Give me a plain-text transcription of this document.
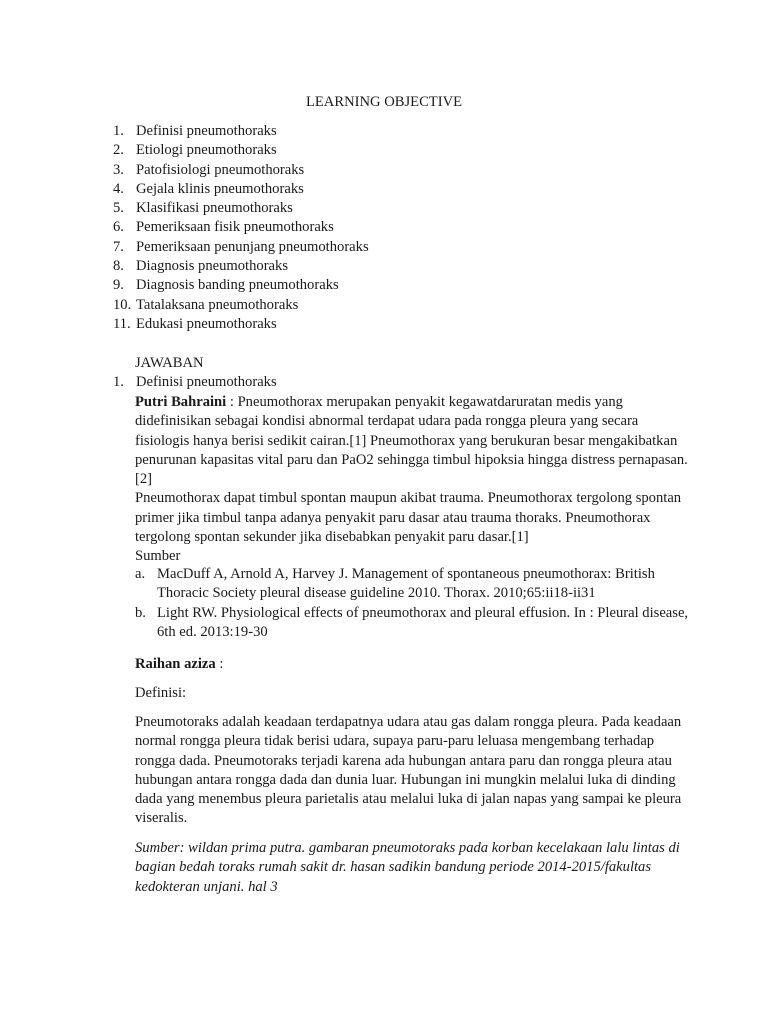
LEARNING OBJECTIVE
1. Definisi pneumothoraks
2. Etiologi pneumothoraks
3. Patofisiologi pneumothoraks
4. Gejala klinis pneumothoraks
5. Klasifikasi pneumothoraks
6. Pemeriksaan fisik pneumothoraks
7. Pemeriksaan penunjang pneumothoraks
8. Diagnosis pneumothoraks
9. Diagnosis banding pneumothoraks
10. Tatalaksana pneumothoraks
11. Edukasi pneumothoraks
JAWABAN
1. Definisi pneumothoraks

Putri Bahraini : Pneumothorax merupakan penyakit kegawatdaruratan medis yang didefinisikan sebagai kondisi abnormal terdapat udara pada rongga pleura yang secara fisiologis hanya berisi sedikit cairan.[1] Pneumothorax yang berukuran besar mengakibatkan penurunan kapasitas vital paru dan PaO2 sehingga timbul hipoksia hingga distress pernapasan.[2]

Pneumothorax dapat timbul spontan maupun akibat trauma. Pneumothorax tergolong spontan primer jika timbul tanpa adanya penyakit paru dasar atau trauma thoraks. Pneumothorax tergolong spontan sekunder jika disebabkan penyakit paru dasar.[1]

Sumber

a. MacDuff A, Arnold A, Harvey J. Management of spontaneous pneumothorax: British Thoracic Society pleural disease guideline 2010. Thorax. 2010;65:ii18-ii31
b. Light RW. Physiological effects of pneumothorax and pleural effusion. In : Pleural disease, 6th ed. 2013:19-30

Raihan aziza :

Definisi:

Pneumotoraks adalah keadaan terdapatnya udara atau gas dalam rongga pleura. Pada keadaan normal rongga pleura tidak berisi udara, supaya paru-paru leluasa mengembang terhadap rongga dada. Pneumotoraks terjadi karena ada hubungan antara paru dan rongga pleura atau hubungan antara rongga dada dan dunia luar. Hubungan ini mungkin melalui luka di dinding dada yang menembus pleura parietalis atau melalui luka di jalan napas yang sampai ke pleura viseralis.

Sumber: wildan prima putra. gambaran pneumotoraks pada korban kecelakaan lalu lintas di bagian bedah toraks rumah sakit dr. hasan sadikin bandung periode 2014-2015/fakultas kedokteran unjani. hal 3
